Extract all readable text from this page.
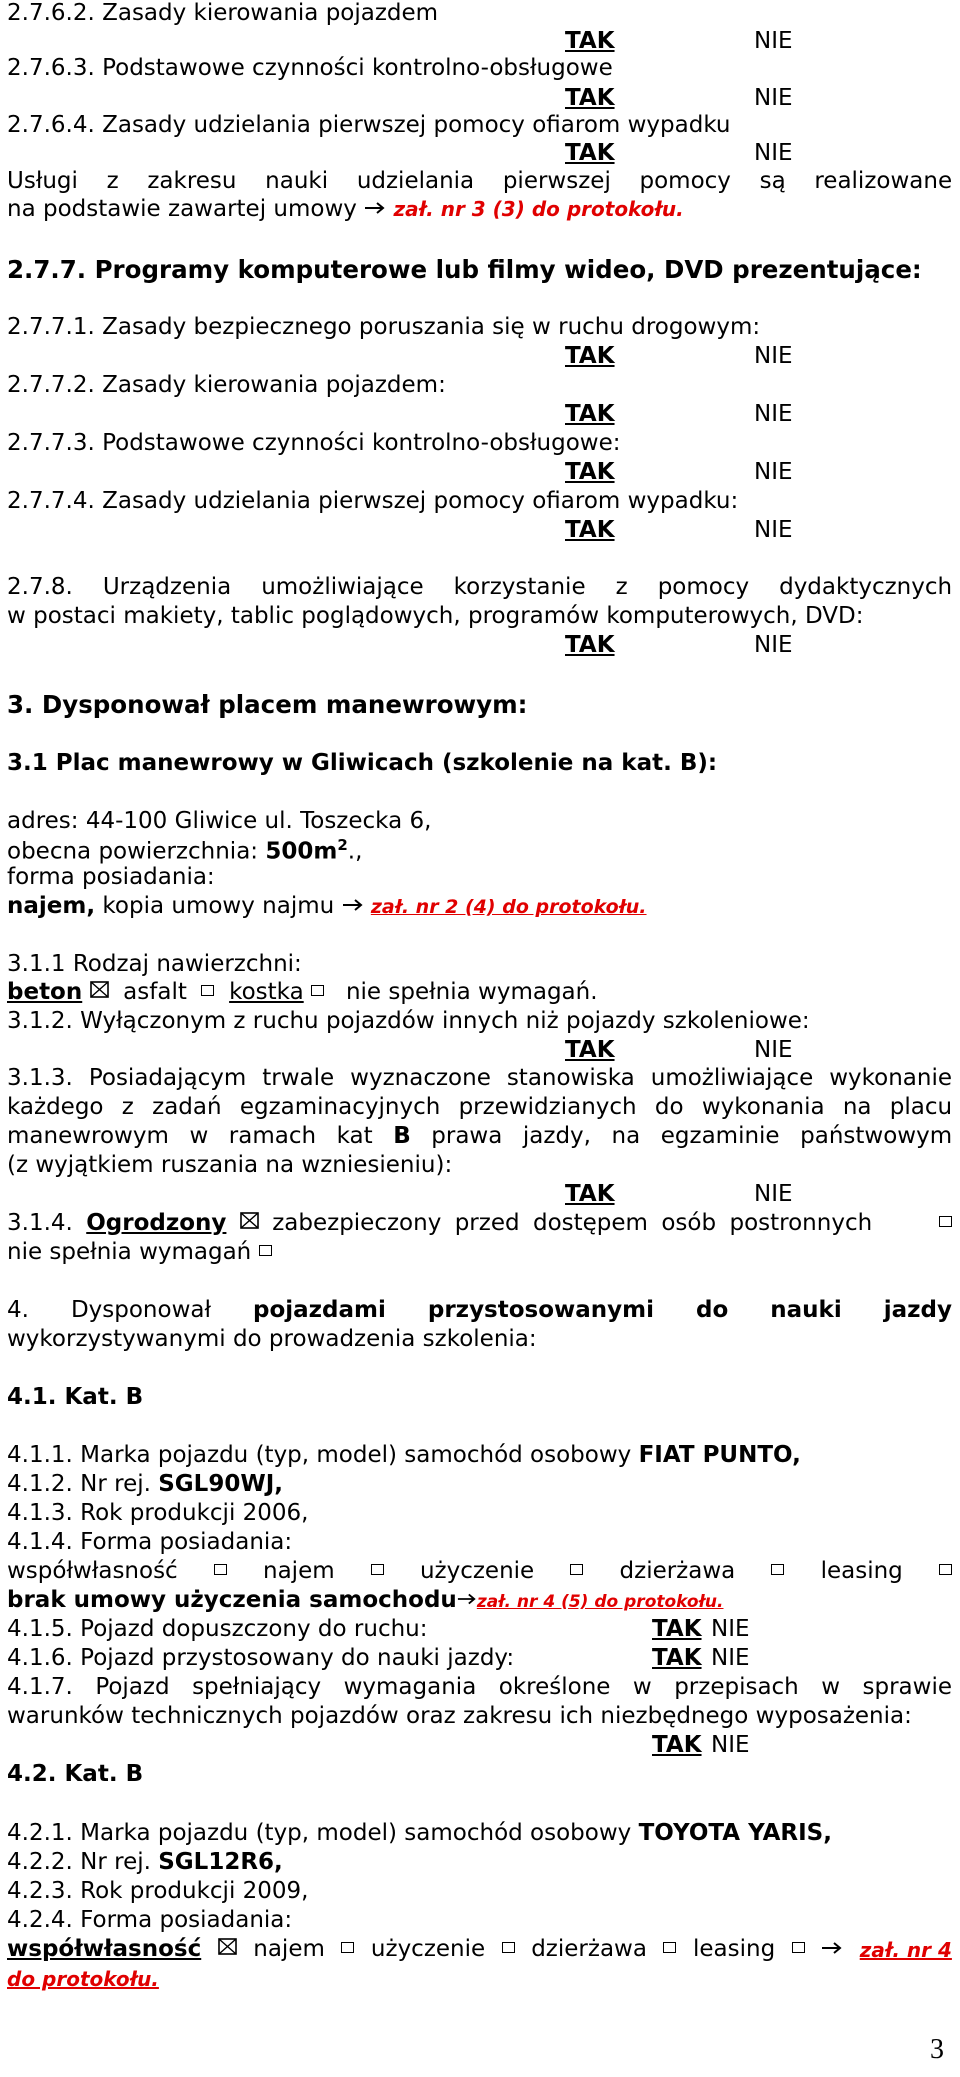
2.7.6.2. Zasady kierowania pojazdem
TAK	NIE
2.7.6.3. Podstawowe czynności kontrolno-obsługowe
TAK	NIE
2.7.6.4. Zasady udzielania pierwszej pomocy ofiarom wypadku
TAK	NIE
Usługi z zakresu nauki udzielania pierwszej pomocy są realizowane
na podstawie zawartej umowy zał. nr 3 (3) do protokołu.
2.7.7. Programy komputerowe lub filmy wideo, DVD prezentujące:
2.7.7.1. Zasady bezpiecznego poruszania się w ruchu drogowym:
TAK	NIE
2.7.7.2. Zasady kierowania pojazdem:
TAK	NIE
2.7.7.3. Podstawowe czynności kontrolno-obsługowe:
TAK	NIE
2.7.7.4. Zasady udzielania pierwszej pomocy ofiarom wypadku:
TAK	NIE
2.7.8. Urządzenia umożliwiające korzystanie z pomocy dydaktycznych
w postaci makiety, tablic poglądowych, programów komputerowych, DVD:
TAK	NIE
3. Dysponował placem manewrowym:
3.1 Plac manewrowy w Gliwicach (szkolenie na kat. B):
adres: 44-100 Gliwice ul. Toszecka 6,
obecna powierzchnia: $500m^2$.,
forma posiadania:
najem, kopia umowy najmu zał. nr 2 (4) do protokołu.
3.1.1 Rodzaj nawierzchni:
beton asfalt kostka nie spełnia wymagań.
3.1.2. Wyłączonym z ruchu pojazdów innych niż pojazdy szkoleniowe:
TAK	NIE
3.1.3. Posiadającym trwale wyznaczone stanowiska umożliwiające wykonanie
każdego z zadań egzaminacyjnych przewidzianych do wykonania na placu
manewrowym w ramach kat B prawa jazdy, na egzaminie państwowym
(z wyjątkiem ruszania na wzniesieniu):
TAK	NIE
3.1.4. Ogrodzony zabezpieczony przed dostępem osób postronnych
nie spełnia wymagań
4. Dysponował pojazdami przystosowanymi do nauki jazdy
wykorzystywanymi do prowadzenia szkolenia:
4.1. Kat. B
4.1.1. Marka pojazdu (typ, model) samochód osobowy FIAT PUNTO,
4.1.2. Nr rej. SGL90WJ,
4.1.3. Rok produkcji 2006,
4.1.4. Forma posiadania:
współwłasność	najem	użyczenie	dzierżawa	leasing
brak umowy użyczenia samochodu zał. nr 4 (5) do protokołu.
4.1.5. Pojazd dopuszczony do ruchu:	TAK NIE
4.1.6. Pojazd przystosowany do nauki jazdy:	TAK NIE
4.1.7. Pojazd spełniający wymagania określone w przepisach w sprawie
warunków technicznych pojazdów oraz zakresu ich niezbędnego wyposażenia:
TAK NIE
4.2. Kat. B
4.2.1. Marka pojazdu (typ, model) samochód osobowy TOYOTA YARIS,
4.2.2. Nr rej. SGL12R6,
4.2.3. Rok produkcji 2009,
4.2.4. Forma posiadania:
współwłasność najem użyczenie dzierżawa leasing	zał. nr 4
do protokołu.
3
